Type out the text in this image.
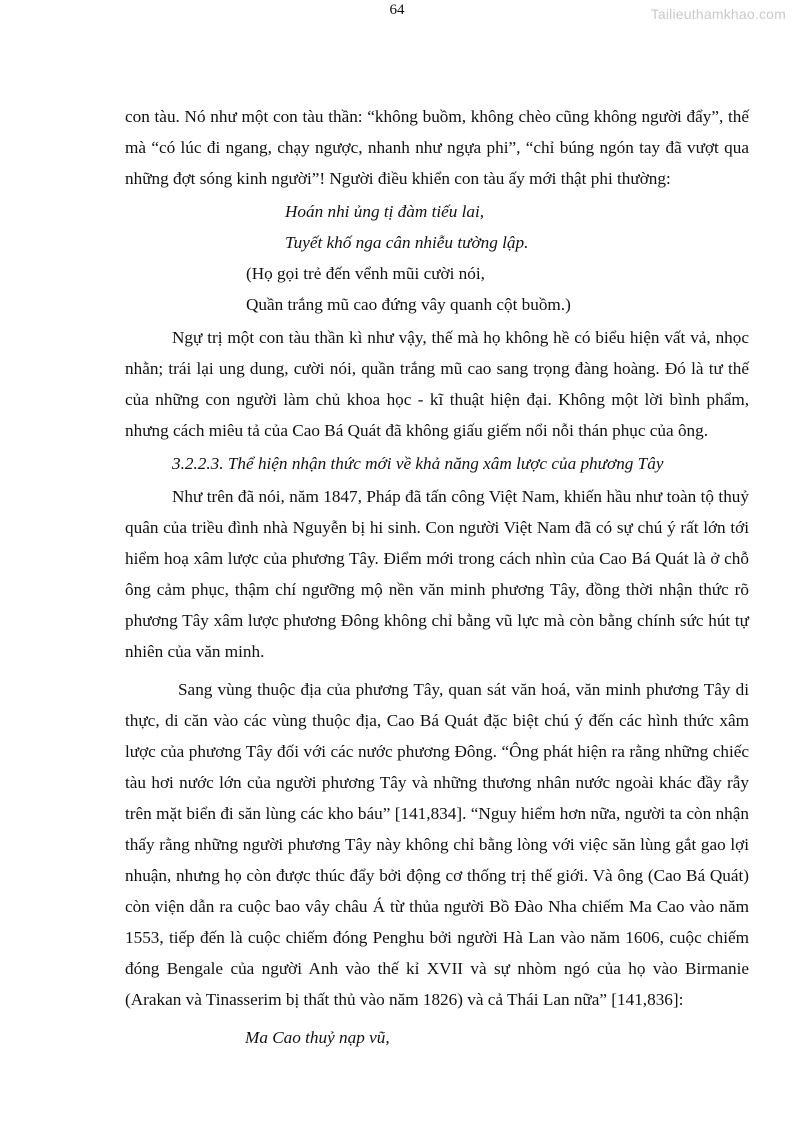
64	Tailieuthamkhao.com

con tàu. Nó như một con tàu thần: “không buồm, không chèo cũng không người đẩy”, thế mà “có lúc đi ngang, chạy ngược, nhanh như ngựa phi”, “chỉ búng ngón tay đã vượt qua những đợt sóng kinh người”! Người điều khiển con tàu ấy mới thật phi thường:

Hoán nhi ủng tị đàm tiếu lai,

Tuyết khố nga cân nhiễu tường lập.

(Họ gọi trẻ đến vểnh mũi cười nói,

Quần trắng mũ cao đứng vây quanh cột buồm.)

Ngự trị một con tàu thần kì như vậy, thế mà họ không hề có biểu hiện vất vả, nhọc nhằn; trái lại ung dung, cười nói, quần trắng mũ cao sang trọng đàng hoàng. Đó là tư thế của những con người làm chủ khoa học - kĩ thuật hiện đại. Không một lời bình phẩm, nhưng cách miêu tả của Cao Bá Quát đã không giấu giếm nổi nỗi thán phục của ông.

3.2.2.3. Thể hiện nhận thức mới về khả năng xâm lược của phương Tây

Như trên đã nói, năm 1847, Pháp đã tấn công Việt Nam, khiến hầu như toàn tộ thuỷ quân của triều đình nhà Nguyễn bị hi sinh. Con người Việt Nam đã có sự chú ý rất lớn tới hiểm hoạ xâm lược của phương Tây. Điểm mới trong cách nhìn của Cao Bá Quát là ở chỗ ông cảm phục, thậm chí ngưỡng mộ nền văn minh phương Tây, đồng thời nhận thức rõ phương Tây xâm lược phương Đông không chỉ bằng vũ lực mà còn bằng chính sức hút tự nhiên của văn minh.

Sang vùng thuộc địa của phương Tây, quan sát văn hoá, văn minh phương Tây di thực, di căn vào các vùng thuộc địa, Cao Bá Quát đặc biệt chú ý đến các hình thức xâm lược của phương Tây đối với các nước phương Đông. “Ông phát hiện ra rằng những chiếc tàu hơi nước lớn của người phương Tây và những thương nhân nước ngoài khác đầy rẫy trên mặt biển đi săn lùng các kho báu” [141,834]. “Nguy hiểm hơn nữa, người ta còn nhận thấy rằng những người phương Tây này không chỉ bằng lòng với việc săn lùng gắt gao lợi nhuận, nhưng họ còn được thúc đẩy bởi động cơ thống trị thế giới. Và ông (Cao Bá Quát) còn viện dẫn ra cuộc bao vây châu Á từ thủa người Bồ Đào Nha chiếm Ma Cao vào năm 1553, tiếp đến là cuộc chiếm đóng Penghu bởi người Hà Lan vào năm 1606, cuộc chiếm đóng Bengale của người Anh vào thế kỉ XVII và sự nhòm ngó của họ vào Birmanie (Arakan và Tinasserim bị thất thủ vào năm 1826) và cả Thái Lan nữa” [141,836]:

Ma Cao thuỷ nạp vũ,
